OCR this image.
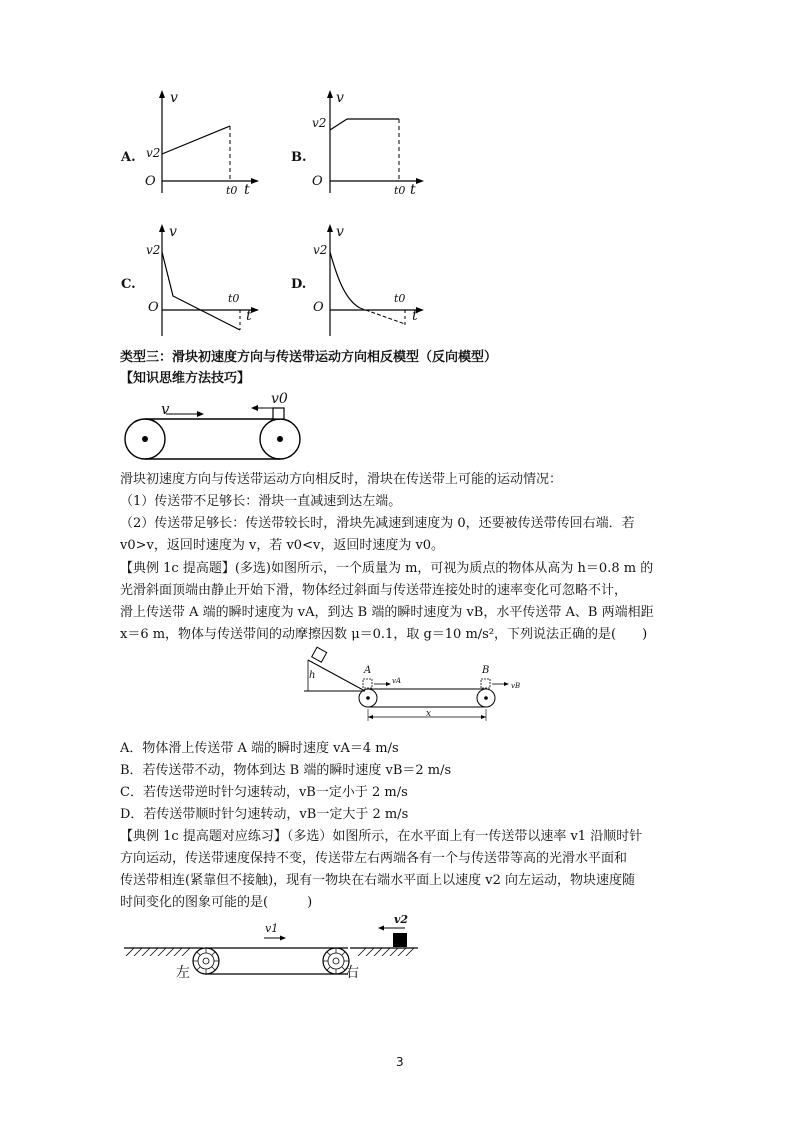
A.
v
v2
O
t0 t
B.
v
v2
O
t0 t
C.
v
v2
O
t0
t
D.
v
v2
O
t0
t
类型三：滑块初速度方向与传送带运动方向相反模型（反向模型）
【知识思维方法技巧】
v
v0
滑块初速度方向与传送带运动方向相反时，滑块在传送带上可能的运动情况：
（1）传送带不足够长：滑块一直减速到达左端。
（2）传送带足够长：传送带较长时，滑块先减速到速度为 0，还要被传送带传回右端．若
v0>v，返回时速度为 v，若 v0<v，返回时速度为 v0。
【典例 1c 提高题】(多选)如图所示，一个质量为 m，可视为质点的物体从高为 h＝0.8 m 的
光滑斜面顶端由静止开始下滑，物体经过斜面与传送带连接处时的速率变化可忽略不计，
滑上传送带 A 端的瞬时速度为 vA，到达 B 端的瞬时速度为 vB，水平传送带 A、B 两端相距
x＝6 m，物体与传送带间的动摩擦因数 μ＝0.1，取 g＝10 m/s²，下列说法正确的是(　　)
h	A	B
vA
vB
x
A．物体滑上传送带 A 端的瞬时速度 vA＝4 m/s
B．若传送带不动，物体到达 B 端的瞬时速度 vB＝2 m/s
C．若传送带逆时针匀速转动，vB一定小于 2 m/s
D．若传送带顺时针匀速转动，vB一定大于 2 m/s
【典例 1c 提高题对应练习】（多选）如图所示，在水平面上有一传送带以速率 v1 沿顺时针
方向运动，传送带速度保持不变，传送带左右两端各有一个与传送带等高的光滑水平面和
传送带相连(紧靠但不接触)，现有一物块在右端水平面上以速度 v2 向左运动，物块速度随
时间变化的图象可能的是(　　　)
v1
v2
左	右
3
